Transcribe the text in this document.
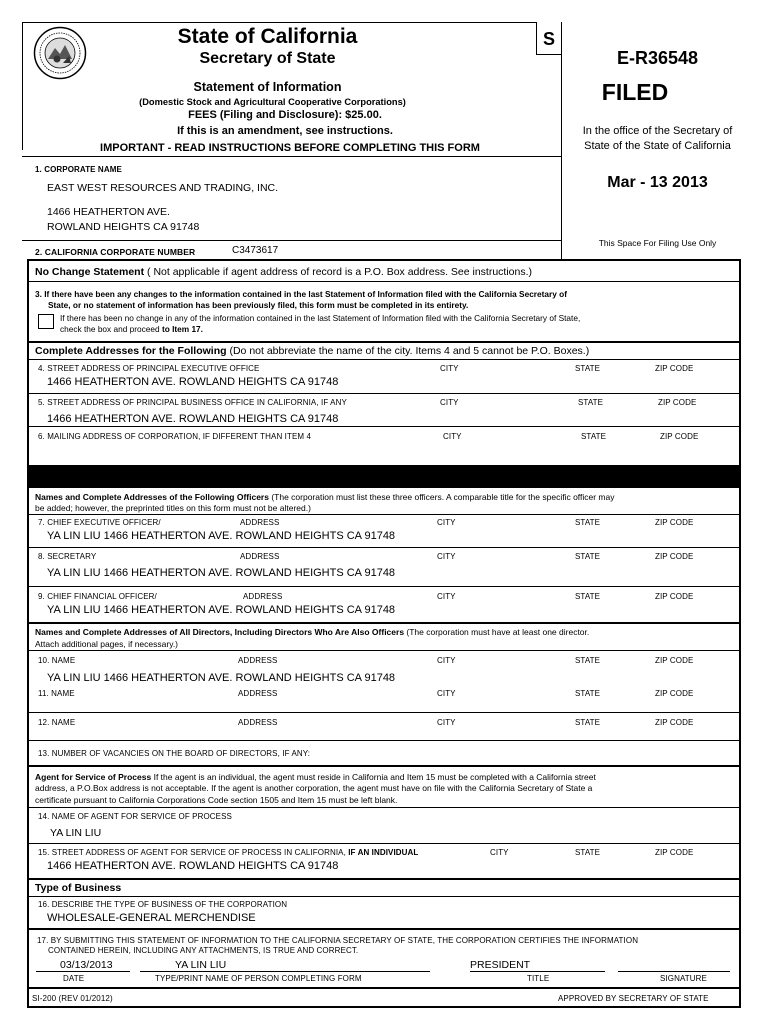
State of California
Secretary of State
S
Statement of Information
(Domestic Stock and Agricultural Cooperative Corporations)
FEES (Filing and Disclosure): $25.00.
If this is an amendment, see instructions.
IMPORTANT - READ INSTRUCTIONS BEFORE COMPLETING THIS FORM
E-R36548
FILED
In the office of the Secretary of
State of the State of California
Mar - 13 2013
This Space For Filing Use Only
1. CORPORATE NAME
EAST WEST RESOURCES AND TRADING, INC.
1466 HEATHERTON AVE.
ROWLAND HEIGHTS CA 91748
2. CALIFORNIA CORPORATE NUMBER	C3473617
No Change Statement ( Not applicable if agent address of record is a P.O. Box address. See instructions.)
3. If there have been any changes to the information contained in the last Statement of Information filed with the California Secretary of
State, or no statement of information has been previously filed, this form must be completed in its entirety.
If there has been no change in any of the information contained in the last Statement of Information filed with the California Secretary of State,
check the box and proceed to Item 17.
Complete Addresses for the Following (Do not abbreviate the name of the city. Items 4 and 5 cannot be P.O. Boxes.)
4. STREET ADDRESS OF PRINCIPAL EXECUTIVE OFFICE	CITY	STATE	ZIP CODE
1466 HEATHERTON AVE. ROWLAND HEIGHTS CA 91748
5. STREET ADDRESS OF PRINCIPAL BUSINESS OFFICE IN CALIFORNIA, IF ANY	CITY	STATE	ZIP CODE
1466 HEATHERTON AVE. ROWLAND HEIGHTS CA 91748
6. MAILING ADDRESS OF CORPORATION, IF DIFFERENT THAN ITEM 4	CITY	STATE	ZIP CODE
Names and Complete Addresses of the Following Officers (The corporation must list these three officers. A comparable title for the specific officer may
be added; however, the preprinted titles on this form must not be altered.)
7. CHIEF EXECUTIVE OFFICER/	ADDRESS	CITY	STATE	ZIP CODE
YA LIN LIU 1466 HEATHERTON AVE. ROWLAND HEIGHTS CA 91748
8. SECRETARY	ADDRESS	CITY	STATE	ZIP CODE
YA LIN LIU 1466 HEATHERTON AVE. ROWLAND HEIGHTS CA 91748
9. CHIEF FINANCIAL OFFICER/	ADDRESS	CITY	STATE	ZIP CODE
YA LIN LIU 1466 HEATHERTON AVE. ROWLAND HEIGHTS CA 91748
Names and Complete Addresses of All Directors, Including Directors Who Are Also Officers (The corporation must have at least one director.
Attach additional pages, if necessary.)
10. NAME	ADDRESS	CITY	STATE	ZIP CODE
YA LIN LIU 1466 HEATHERTON AVE. ROWLAND HEIGHTS CA 91748
11. NAME	ADDRESS	CITY	STATE	ZIP CODE
12. NAME	ADDRESS	CITY	STATE	ZIP CODE
13. NUMBER OF VACANCIES ON THE BOARD OF DIRECTORS, IF ANY:
Agent for Service of Process If the agent is an individual, the agent must reside in California and Item 15 must be completed with a California street
address, a P.O.Box address is not acceptable. If the agent is another corporation, the agent must have on file with the California Secretary of State a
certificate pursuant to California Corporations Code section 1505 and Item 15 must be left blank.
14. NAME OF AGENT FOR SERVICE OF PROCESS
YA LIN LIU
15. STREET ADDRESS OF AGENT FOR SERVICE OF PROCESS IN CALIFORNIA, IF AN INDIVIDUAL	CITY	STATE	ZIP CODE
1466 HEATHERTON AVE. ROWLAND HEIGHTS CA 91748
Type of Business
16. DESCRIBE THE TYPE OF BUSINESS OF THE CORPORATION
WHOLESALE-GENERAL MERCHENDISE
17. BY SUBMITTING THIS STATEMENT OF INFORMATION TO THE CALIFORNIA SECRETARY OF STATE, THE CORPORATION CERTIFIES THE INFORMATION
CONTAINED HEREIN, INCLUDING ANY ATTACHMENTS, IS TRUE AND CORRECT.
03/13/2013	YA LIN LIU	PRESIDENT
DATE	TYPE/PRINT NAME OF PERSON COMPLETING FORM	TITLE	SIGNATURE
SI-200 (REV 01/2012)	APPROVED BY SECRETARY OF STATE
